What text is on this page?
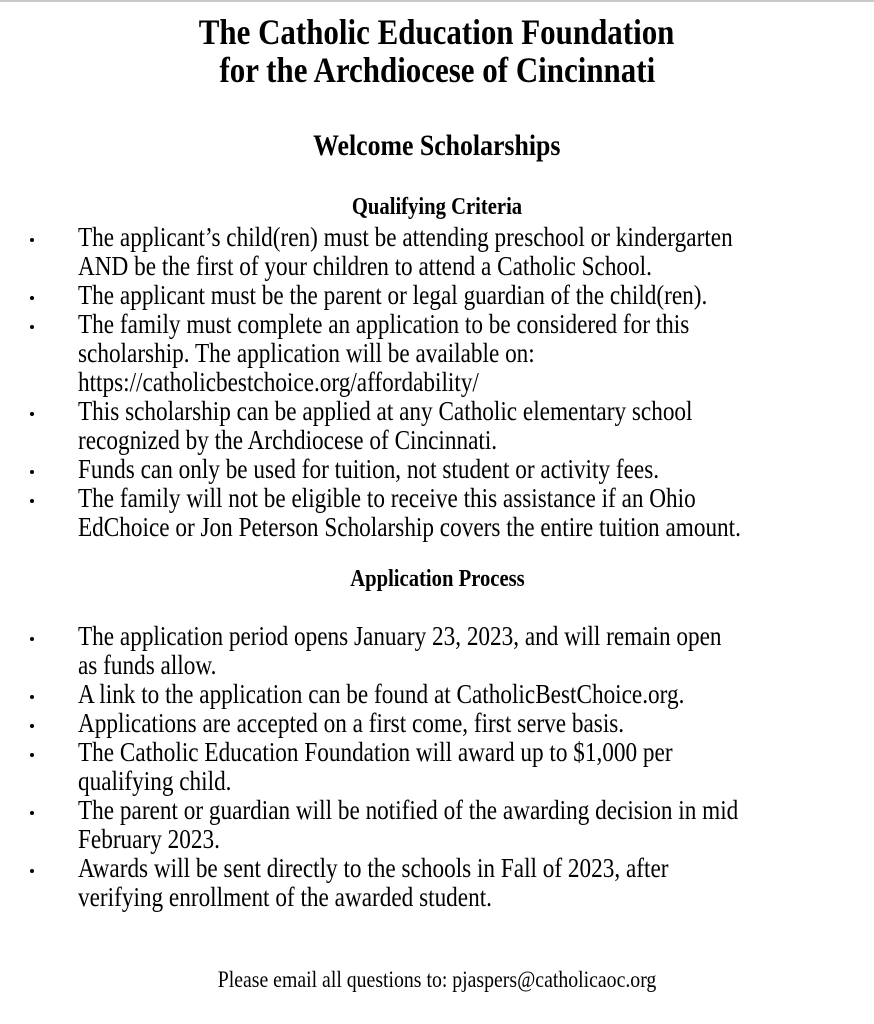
The Catholic Education Foundation
for the Archdiocese of Cincinnati
Welcome Scholarships
Qualifying Criteria
The applicant’s child(ren) must be attending preschool or kindergarten
AND be the first of your children to attend a Catholic School.
The applicant must be the parent or legal guardian of the child(ren).
The family must complete an application to be considered for this
scholarship. The application will be available on:
https://catholicbestchoice.org/affordability/
This scholarship can be applied at any Catholic elementary school
recognized by the Archdiocese of Cincinnati.
Funds can only be used for tuition, not student or activity fees.
The family will not be eligible to receive this assistance if an Ohio
EdChoice or Jon Peterson Scholarship covers the entire tuition amount.
Application Process
The application period opens January 23, 2023, and will remain open
as funds allow.
A link to the application can be found at CatholicBestChoice.org.
Applications are accepted on a first come, first serve basis.
The Catholic Education Foundation will award up to $1,000 per
qualifying child.
The parent or guardian will be notified of the awarding decision in mid
February 2023.
Awards will be sent directly to the schools in Fall of 2023, after
verifying enrollment of the awarded student.
Please email all questions to: pjaspers@catholicaoc.org
